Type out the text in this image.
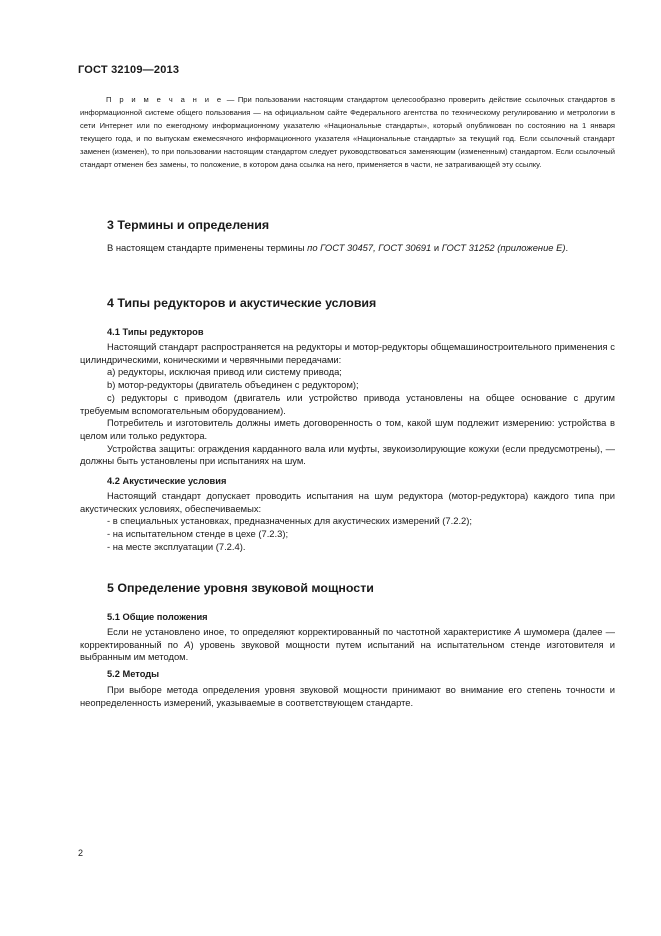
ГОСТ 32109—2013

П р и м е ч а н и е — При пользовании настоящим стандартом целесообразно проверить действие ссылочных стандартов в информационной системе общего пользования — на официальном сайте Федерального агентства по техническому регулированию и метрологии в сети Интернет или по ежегодному информационному указателю «Национальные стандарты», который опубликован по состоянию на 1 января текущего года, и по выпускам ежемесячного информационного указателя «Национальные стандарты» за текущий год. Если ссылочный стандарт заменен (изменен), то при пользовании настоящим стандартом следует руководствоваться заменяющим (измененным) стандартом. Если ссылочный стандарт отменен без замены, то положение, в котором дана ссылка на него, применяется в части, не затрагивающей эту ссылку.

3 Термины и определения

В настоящем стандарте применены термины по ГОСТ 30457, ГОСТ 30691 и ГОСТ 31252 (приложение Е).

4 Типы редукторов и акустические условия
4.1 Типы редукторов

Настоящий стандарт распространяется на редукторы и мотор-редукторы общемашиностроительного применения с цилиндрическими, коническими и червячными передачами:

a) редукторы, исключая привод или систему привода;

b) мотор-редукторы (двигатель объединен с редуктором);

c) редукторы с приводом (двигатель или устройство привода установлены на общее основание с другим требуемым вспомогательным оборудованием).

Потребитель и изготовитель должны иметь договоренность о том, какой шум подлежит измерению: устройства в целом или только редуктора.

Устройства защиты: ограждения карданного вала или муфты, звукоизолирующие кожухи (если предусмотрены), — должны быть установлены при испытаниях на шум.

4.2 Акустические условия

Настоящий стандарт допускает проводить испытания на шум редуктора (мотор-редуктора) каждого типа при акустических условиях, обеспечиваемых:

- в специальных установках, предназначенных для акустических измерений (7.2.2);

- на испытательном стенде в цехе (7.2.3);

- на месте эксплуатации (7.2.4).

5 Определение уровня звуковой мощности
5.1 Общие положения

Если не установлено иное, то определяют корректированный по частотной характеристике А шумомера (далее — корректированный по А) уровень звуковой мощности путем испытаний на испытательном стенде изготовителя и выбранным им методом.

5.2 Методы

При выборе метода определения уровня звуковой мощности принимают во внимание его степень точности и неопределенность измерений, указываемые в соответствующем стандарте.

2
